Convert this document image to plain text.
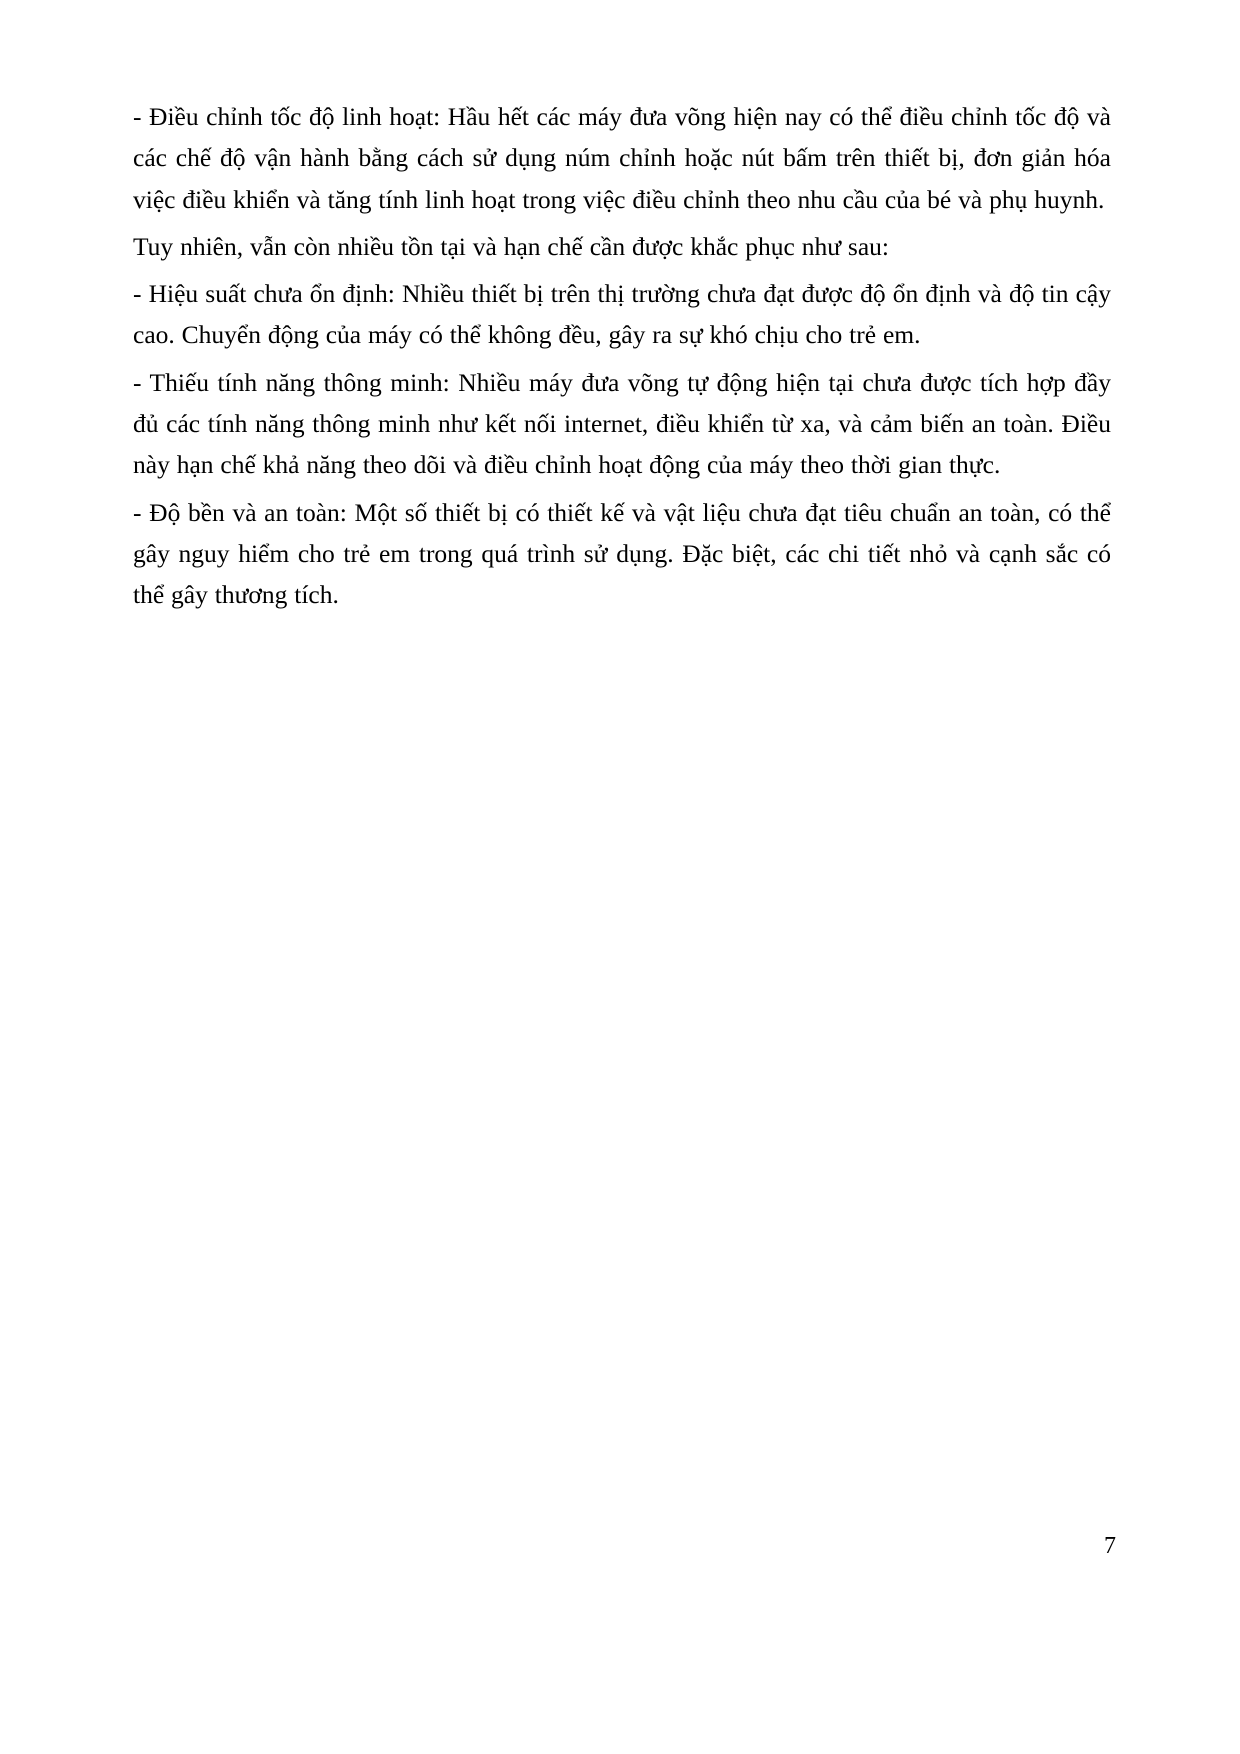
- Điều chỉnh tốc độ linh hoạt: Hầu hết các máy đưa võng hiện nay có thể điều chỉnh tốc độ và các chế độ vận hành bằng cách sử dụng núm chỉnh hoặc nút bấm trên thiết bị, đơn giản hóa việc điều khiển và tăng tính linh hoạt trong việc điều chỉnh theo nhu cầu của bé và phụ huynh.

Tuy nhiên, vẫn còn nhiều tồn tại và hạn chế cần được khắc phục như sau:

- Hiệu suất chưa ổn định: Nhiều thiết bị trên thị trường chưa đạt được độ ổn định và độ tin cậy cao. Chuyển động của máy có thể không đều, gây ra sự khó chịu cho trẻ em.

- Thiếu tính năng thông minh: Nhiều máy đưa võng tự động hiện tại chưa được tích hợp đầy đủ các tính năng thông minh như kết nối internet, điều khiển từ xa, và cảm biến an toàn. Điều này hạn chế khả năng theo dõi và điều chỉnh hoạt động của máy theo thời gian thực.

- Độ bền và an toàn: Một số thiết bị có thiết kế và vật liệu chưa đạt tiêu chuẩn an toàn, có thể gây nguy hiểm cho trẻ em trong quá trình sử dụng. Đặc biệt, các chi tiết nhỏ và cạnh sắc có thể gây thương tích.

7
